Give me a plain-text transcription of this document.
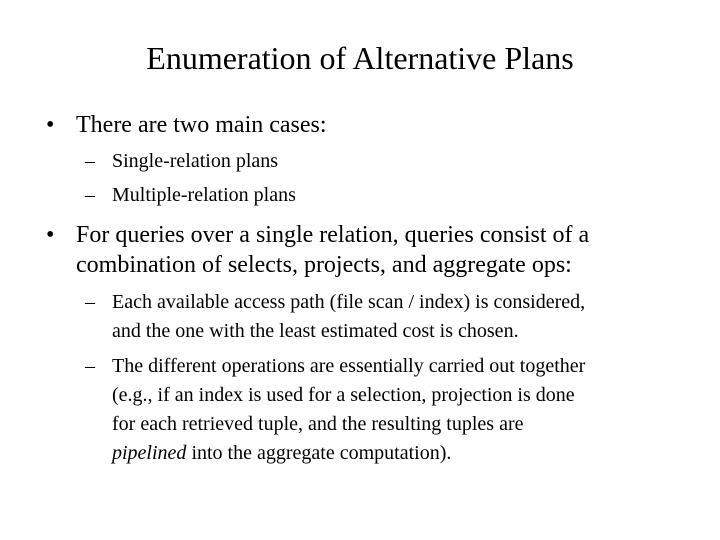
Enumeration of Alternative Plans
• There are two main cases:
– Single-relation plans
– Multiple-relation plans
• For queries over a single relation, queries consist of a
combination of selects, projects, and aggregate ops:
– Each available access path (file scan / index) is considered,
and the one with the least estimated cost is chosen.
– The different operations are essentially carried out together
(e.g., if an index is used for a selection, projection is done
for each retrieved tuple, and the resulting tuples are
pipelined into the aggregate computation).
